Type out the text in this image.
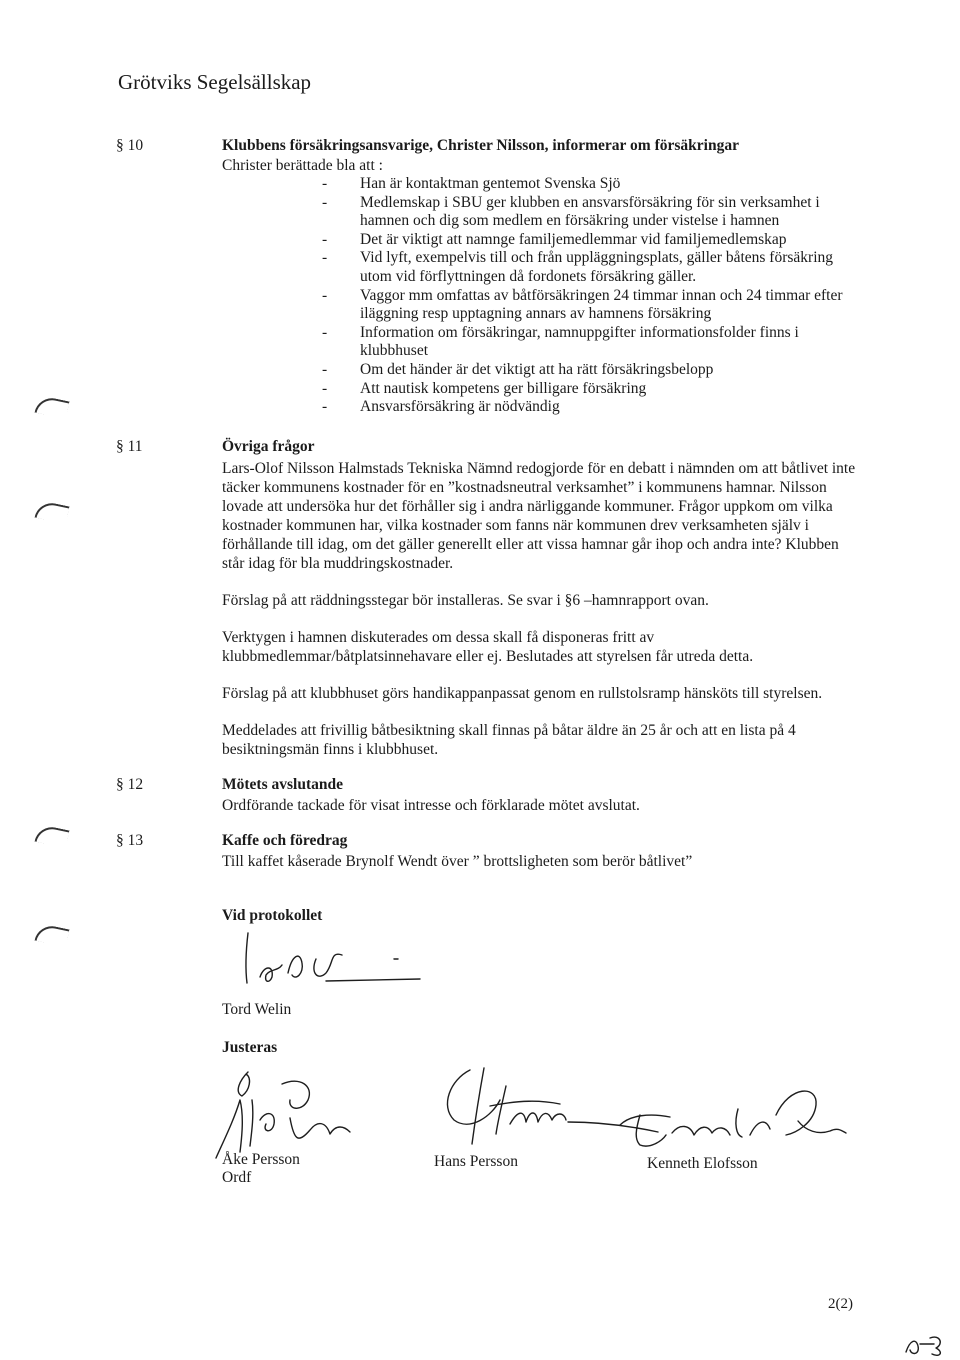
Grötviks Segelsällskap
§ 10	Klubbens försäkringsansvarige, Christer Nilsson, informerar om försäkringar
Christer berättade bla att :
- Han är kontaktman gentemot Svenska Sjö
- Medlemskap i SBU ger klubben en ansvarsförsäkring för sin verksamhet i hamnen och dig som medlem en försäkring under vistelse i hamnen
- Det är viktigt att namnge familjemedlemmar vid familjemedlemskap
- Vid lyft, exempelvis till och från uppläggningsplats, gäller båtens försäkring utom vid förflyttningen då fordonets försäkring gäller.
- Vaggor mm omfattas av båtförsäkringen 24 timmar innan och 24 timmar efter iläggning resp upptagning annars av hamnens försäkring
- Information om försäkringar, namnuppgifter informationsfolder finns i klubbhuset
- Om det händer är det viktigt att ha rätt försäkringsbelopp
- Att nautisk kompetens ger billigare försäkring
- Ansvarsförsäkring är nödvändig
§ 11	Övriga frågor
Lars-Olof Nilsson Halmstads Tekniska Nämnd redogjorde för en debatt i nämnden om att båtlivet inte täcker kommunens kostnader för en ”kostnadsneutral verksamhet” i kommunens hamnar. Nilsson lovade att undersöka hur det förhåller sig i andra närliggande kommuner. Frågor uppkom om vilka kostnader kommunen har, vilka kostnader som fanns när kommunen drev verksamheten själv i förhållande till idag, om det gäller generellt eller att vissa hamnar går ihop och andra inte? Klubben står idag för bla muddringskostnader.
Förslag på att räddningsstegar bör installeras. Se svar i §6 –hamnrapport ovan.
Verktygen i hamnen diskuterades om dessa skall få disponeras fritt av klubbmedlemmar/båtplatsinnehavare eller ej. Beslutades att styrelsen får utreda detta.
Förslag på att klubbhuset görs handikappanpassat genom en rullstolsramp hänsköts till styrelsen.
Meddelades att frivillig båtbesiktning skall finnas på båtar äldre än 25 år och att en lista på 4 besiktningsmän finns i klubbhuset.
§ 12	Mötets avslutande
Ordförande tackade för visat intresse och förklarade mötet avslutat.
§ 13	Kaffe och föredrag
Till kaffet kåserade Brynolf Wendt över ” brottsligheten som berör båtlivet”
Vid protokollet
Tord Welin
Justeras
Åke Persson
Ordf
Hans Persson	Kenneth Elofsson
2(2)
